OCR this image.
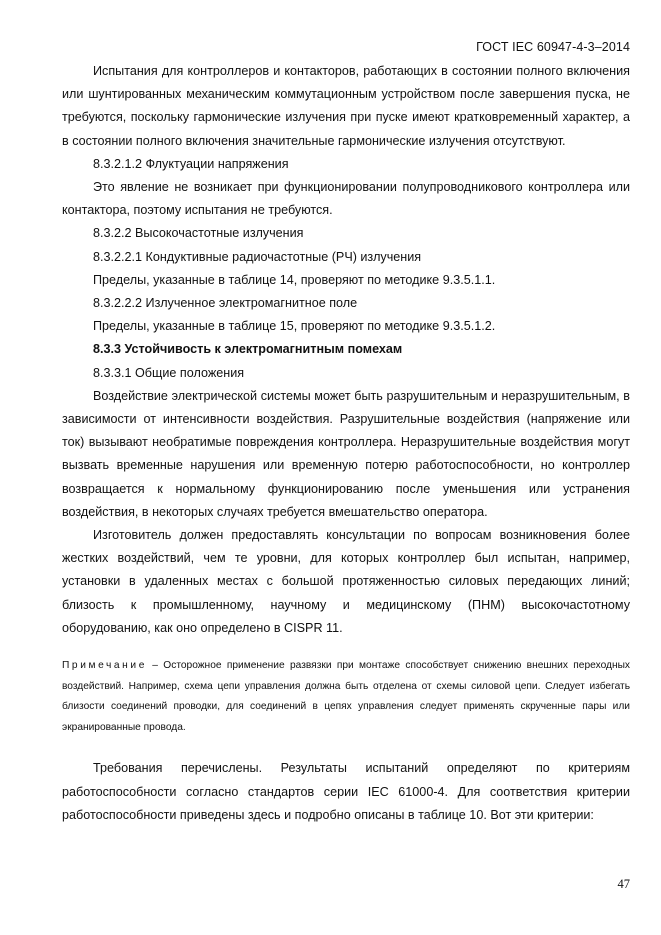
ГОСТ IEC 60947-4-3–2014

Испытания для контроллеров и контакторов, работающих в состоянии полного включения или шунтированных механическим коммутационным устройством после завершения пуска, не требуются, поскольку гармонические излучения при пуске имеют кратковременный характер, а в состоянии полного включения значительные гармонические излучения отсутствуют.

8.3.2.1.2 Флуктуации напряжения

Это явление не возникает при функционировании полупроводникового контроллера или контактора, поэтому испытания не требуются.

8.3.2.2 Высокочастотные излучения

8.3.2.2.1 Кондуктивные радиочастотные (РЧ) излучения

Пределы, указанные в таблице 14, проверяют по методике 9.3.5.1.1.

8.3.2.2.2 Излученное электромагнитное поле

Пределы, указанные в таблице 15, проверяют по методике 9.3.5.1.2.

8.3.3 Устойчивость к электромагнитным помехам

8.3.3.1 Общие положения

Воздействие электрической системы может быть разрушительным и неразрушительным, в зависимости от интенсивности воздействия. Разрушительные воздействия (напряжение или ток) вызывают необратимые повреждения контроллера. Неразрушительные воздействия могут вызвать временные нарушения или временную потерю работоспособности, но контроллер возвращается к нормальному функционированию после уменьшения или устранения воздействия, в некоторых случаях требуется вмешательство оператора.

Изготовитель должен предоставлять консультации по вопросам возникновения более жестких воздействий, чем те уровни, для которых контроллер был испытан, например, установки в удаленных местах с большой протяженностью силовых передающих линий; близость к промышленному, научному и медицинскому (ПНМ) высокочастотному оборудованию, как оно определено в CISPR 11.

Примечание – Осторожное применение развязки при монтаже способствует снижению внешних переходных воздействий. Например, схема цепи управления должна быть отделена от схемы силовой цепи. Следует избегать близости соединений проводки, для соединений в цепях управления следует применять скрученные пары или экранированные провода.

Требования перечислены. Результаты испытаний определяют по критериям работоспособности согласно стандартов серии IEC 61000-4. Для соответствия критерии работоспособности приведены здесь и подробно описаны в таблице 10. Вот эти критерии:

47
